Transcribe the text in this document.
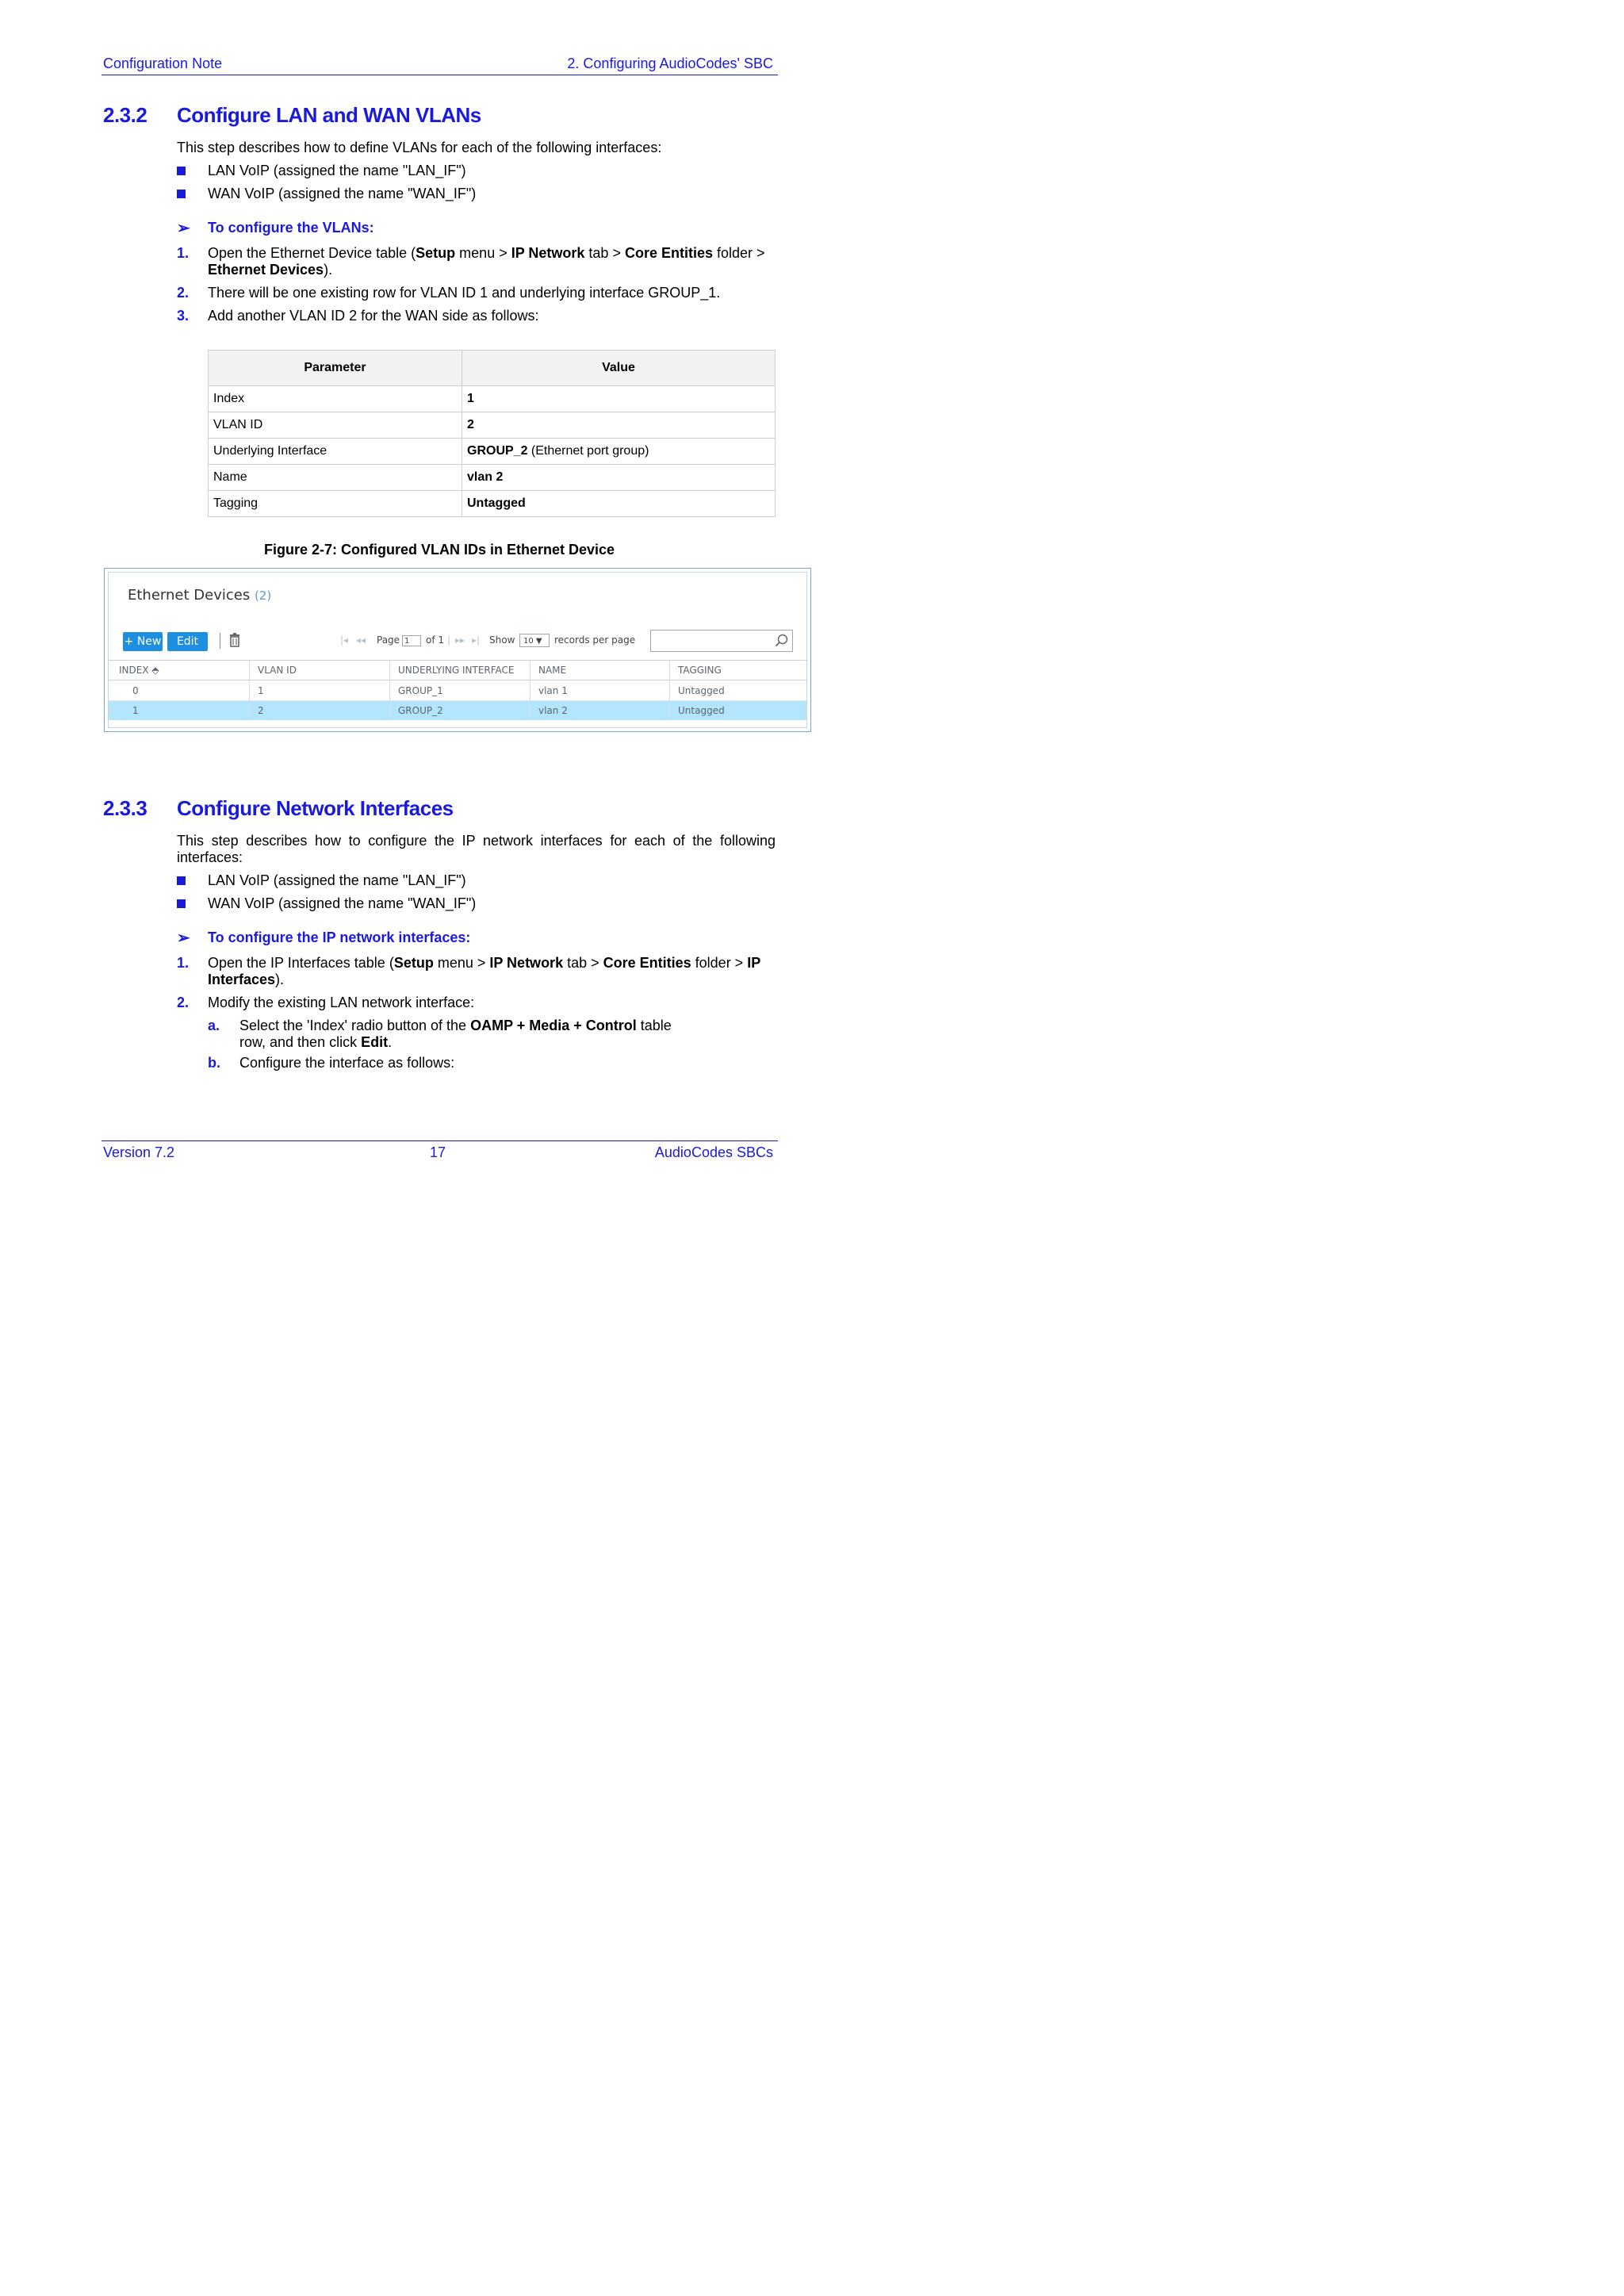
Configuration Note	2. Configuring AudioCodes' SBC
2.3.2 Configure LAN and WAN VLANs
This step describes how to define VLANs for each of the following interfaces:
LAN VoIP (assigned the name "LAN_IF")
WAN VoIP (assigned the name "WAN_IF")
➢ To configure the VLANs:
1. Open the Ethernet Device table (Setup menu > IP Network tab > Core Entities folder > Ethernet Devices).
2. There will be one existing row for VLAN ID 1 and underlying interface GROUP_1.
3. Add another VLAN ID 2 for the WAN side as follows:
Parameter	Value
Index	1
VLAN ID	2
Underlying Interface	GROUP_2 (Ethernet port group)
Name	vlan 2
Tagging	Untagged
Figure 2-7: Configured VLAN IDs in Ethernet Device
Ethernet Devices (2)
+ New	Edit	|◂ ◂◂ Page 1	of 1 | ▸▸ ▸| Show	10 ▼	records per page
INDEX ⬘	VLAN ID	UNDERLYING INTERFACE	NAME	TAGGING
0	1	GROUP_1	vlan 1	Untagged
1	2	GROUP_2	vlan 2	Untagged
2.3.3 Configure Network Interfaces
This step describes how to configure the IP network interfaces for each of the following interfaces:
LAN VoIP (assigned the name "LAN_IF")
WAN VoIP (assigned the name "WAN_IF")
➢ To configure the IP network interfaces:
1. Open the IP Interfaces table (Setup menu > IP Network tab > Core Entities folder > IP Interfaces).
2. Modify the existing LAN network interface:
a. Select the 'Index' radio button of the OAMP + Media + Control table row, and then click Edit.
b. Configure the interface as follows:
Version 7.2	17	AudioCodes SBCs
